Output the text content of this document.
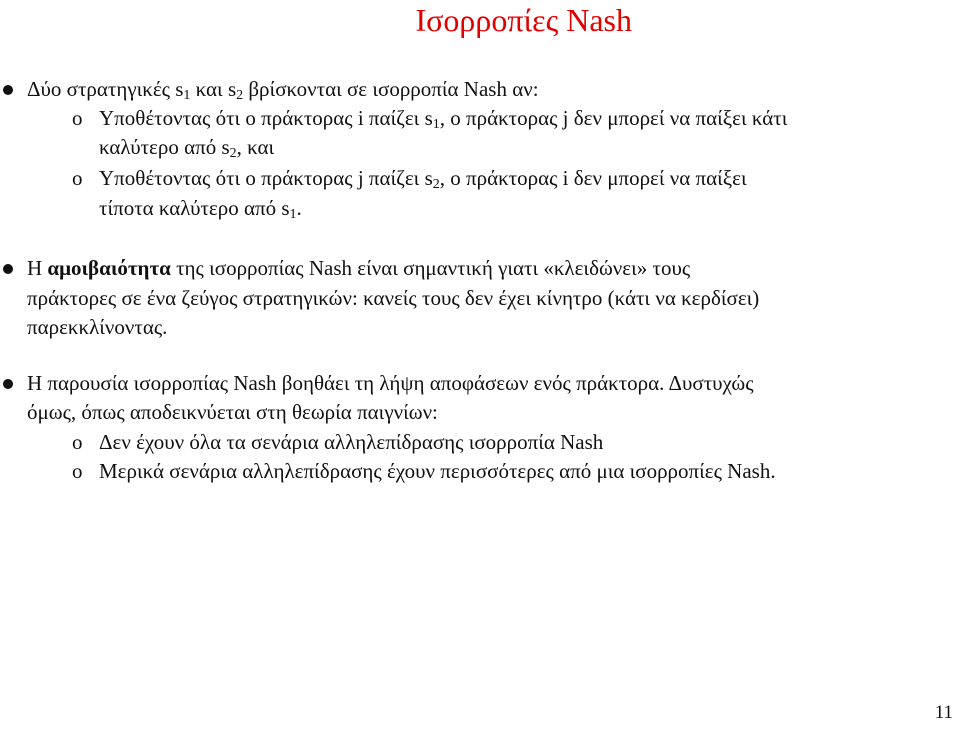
Ισορροπίες Nash
Δύο στρατηγικές $s_1$ και $s_2$ βρίσκονται σε ισορροπία Nash αν:
o Υποθέτοντας ότι ο πράκτορας i παίζει $s_1$, ο πράκτορας j δεν μπορεί να παίξει κάτι
καλύτερο από $s_2$, και
o Υποθέτοντας ότι ο πράκτορας j παίζει $s_2$, ο πράκτορας i δεν μπορεί να παίξει
τίποτα καλύτερο από $s_1$.
Η αμοιβαιότητα της ισορροπίας Nash είναι σημαντική γιατι «κλειδώνει» τους
πράκτορες σε ένα ζεύγος στρατηγικών: κανείς τους δεν έχει κίνητρο (κάτι να κερδίσει)
παρεκκλίνοντας.
Η παρουσία ισορροπίας Nash βοηθάει τη λήψη αποφάσεων ενός πράκτορα. Δυστυχώς
όμως, όπως αποδεικνύεται στη θεωρία παιγνίων:
o Δεν έχουν όλα τα σενάρια αλληλεπίδρασης ισορροπία Nash
o Μερικά σενάρια αλληλεπίδρασης έχουν περισσότερες από μια ισορροπίες Nash.
11
